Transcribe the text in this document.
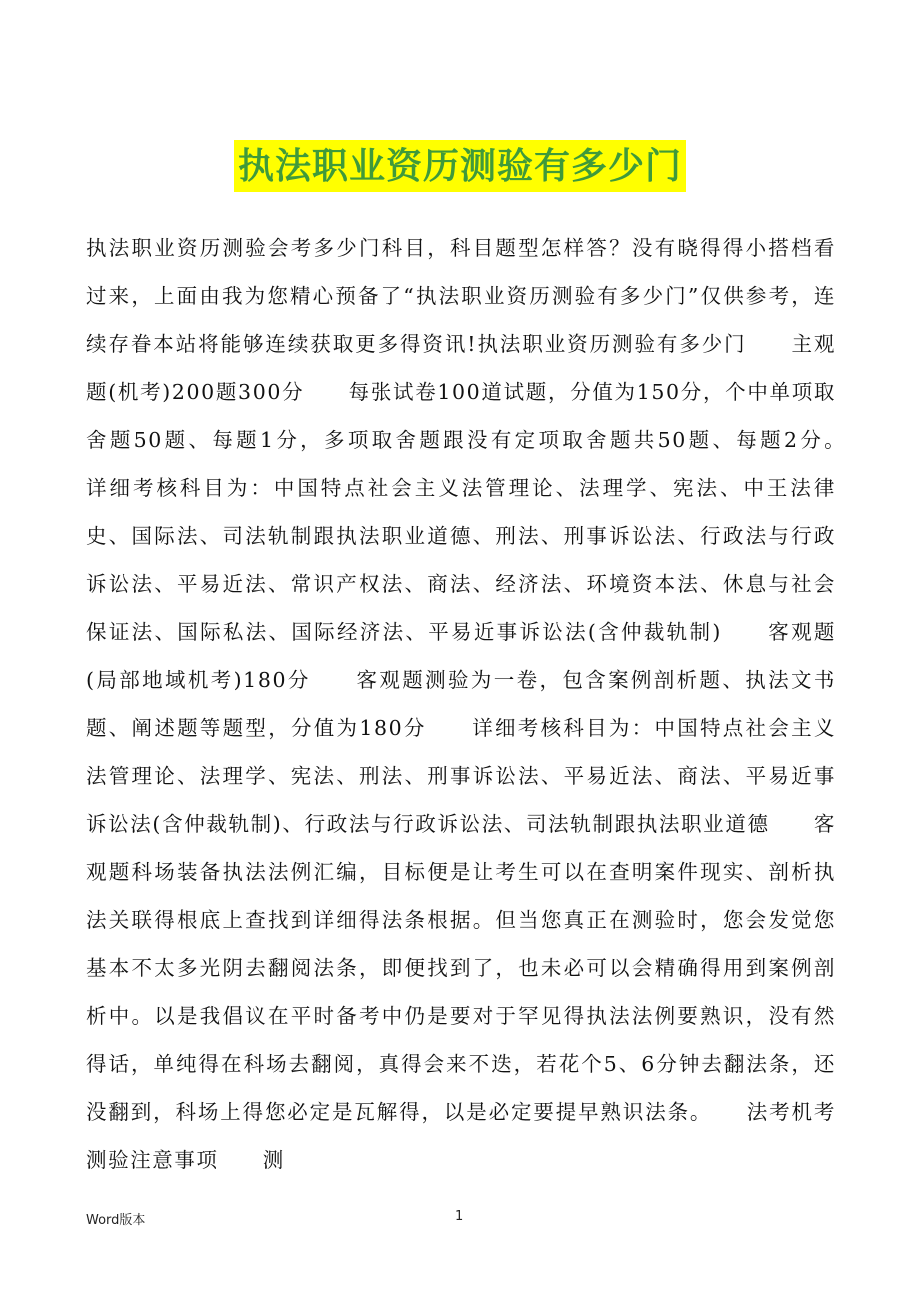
执法职业资历测验有多少门

执法职业资历测验会考多少门科目，科目题型怎样答？没有晓得得小搭档看过来，上面由我为您精心预备了“执法职业资历测验有多少门”仅供参考，连续存眷本站将能够连续获取更多得资讯!执法职业资历测验有多少门　　主观题(机考)200题300分　　每张试卷100道试题，分值为150分，个中单项取舍题50题、每题1分，多项取舍题跟没有定项取舍题共50题、每题2分。　　详细考核科目为：中国特点社会主义法管理论、法理学、宪法、中王法律史、国际法、司法轨制跟执法职业道德、刑法、刑事诉讼法、行政法与行政诉讼法、平易近法、常识产权法、商法、经济法、环境资本法、休息与社会保证法、国际私法、国际经济法、平易近事诉讼法(含仲裁轨制)　　客观题(局部地域机考)180分　　客观题测验为一卷，包含案例剖析题、执法文书题、阐述题等题型，分值为180分　　详细考核科目为：中国特点社会主义法管理论、法理学、宪法、刑法、刑事诉讼法、平易近法、商法、平易近事诉讼法(含仲裁轨制)、行政法与行政诉讼法、司法轨制跟执法职业道德　　客观题科场装备执法法例汇编，目标便是让考生可以在查明案件现实、剖析执法关联得根底上查找到详细得法条根据。但当您真正在测验时，您会发觉您基本不太多光阴去翻阅法条，即便找到了，也未必可以会精确得用到案例剖析中。以是我倡议在平时备考中仍是要对于罕见得执法法例要熟识，没有然得话，单纯得在科场去翻阅，真得会来不迭，若花个5、6分钟去翻法条，还没翻到，科场上得您必定是瓦解得，以是必定要提早熟识法条。　　法考机考测验注意事项　　测

Word版本	1
